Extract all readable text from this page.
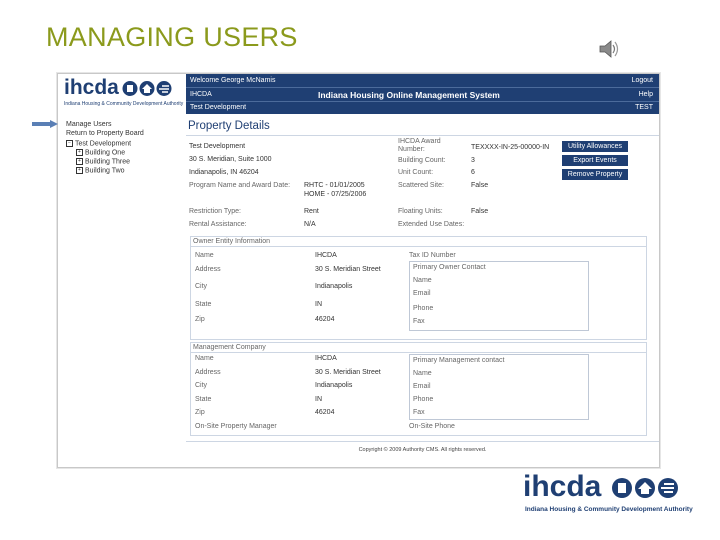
MANAGING USERS
ihcda
Indiana Housing & Community Development Authority
Welcome George McNamis	Logout
IHCDA	Indiana Housing Online Management System	Help
Test Development	TEST
Manage Users
Return to Property Board
− Test Development
+ Building One
+ Building Three
+ Building Two
Property Details
Test Development
30 S. Meridian, Suite 1000
Indianapolis, IN 46204
Program Name and Award Date: RHTC - 01/01/2005
HOME - 07/25/2006
Restriction Type:	Rent
Rental Assistance:	N/A
IHCDA Award
Number:	TEXXXX-IN-25-00000-IN
Building Count:	3
Unit Count:	6
Scattered Site:	False
Floating Units:	False
Extended Use Dates:
Utility Allowances
Export Events
Remove Property
Owner Entity Information
Name	IHCDA
Address	30 S. Meridian Street
City	Indianapolis
State	IN
Zip	46204
Tax ID Number
Primary Owner Contact
Name
Email
Phone
Fax
Management Company
Name	IHCDA
Address	30 S. Meridian Street
City	Indianapolis
State	IN
Zip	46204
On-Site Property Manager	On-Site Phone
Primary Management contact
Name
Email
Phone
Fax
Copyright © 2009 Authority CMS. All rights reserved.
ihcda
Indiana Housing & Community Development Authority
